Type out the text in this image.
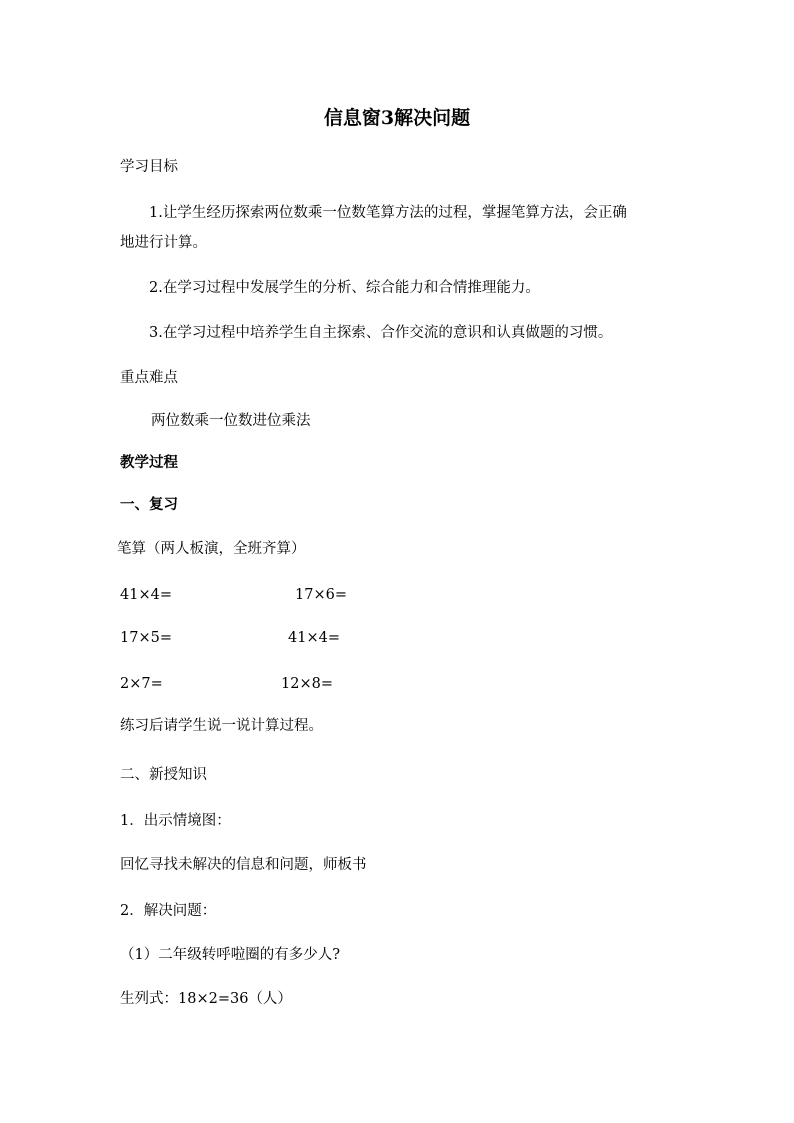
信息窗3解决问题
学习目标
1.让学生经历探索两位数乘一位数笔算方法的过程，掌握笔算方法，会正确
地进行计算。
2.在学习过程中发展学生的分析、综合能力和合情推理能力。
3.在学习过程中培养学生自主探索、合作交流的意识和认真做题的习惯。
重点难点
两位数乘一位数进位乘法
教学过程
一、复习
笔算（两人板演，全班齐算）
41×4=	17×6=
17×5=	41×4=
2×7=	12×8=
练习后请学生说一说计算过程。
二、新授知识
1．出示情境图：
回忆寻找未解决的信息和问题，师板书
2．解决问题：
（1）二年级转呼啦圈的有多少人?
生列式：18×2=36（人）
